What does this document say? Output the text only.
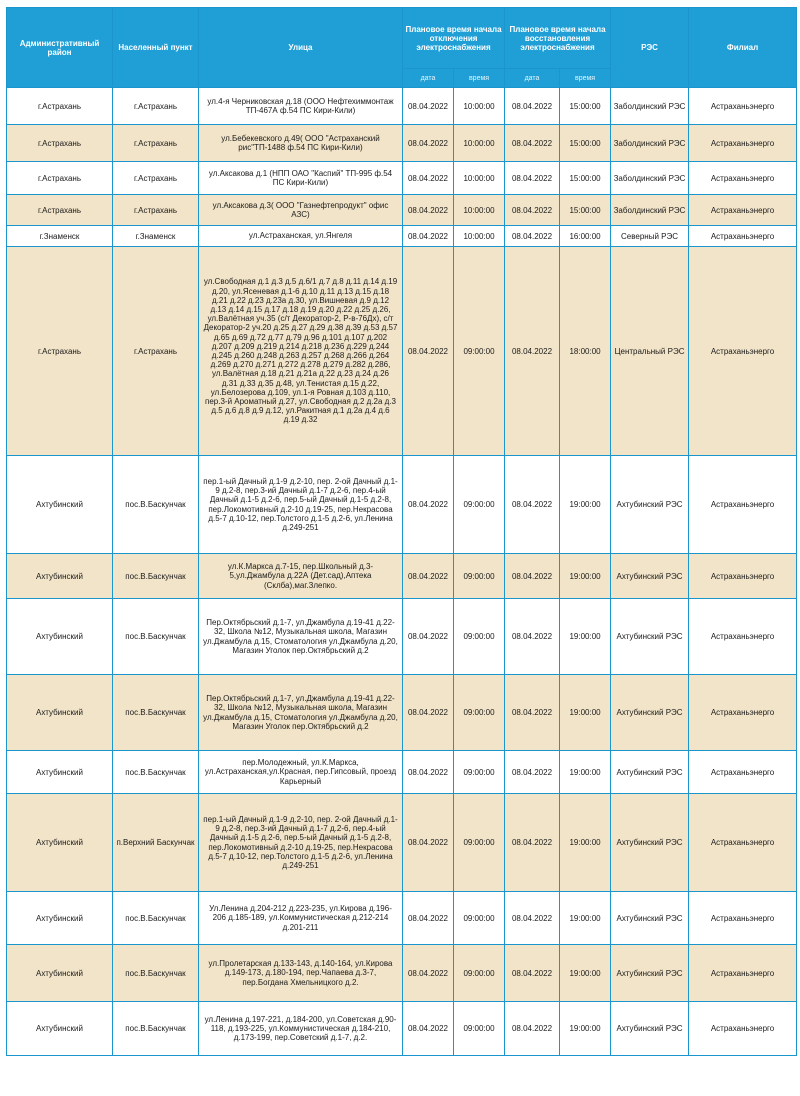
Административный район	Населенный пункт	Улица	Плановое время начала отключения электроснабжения		Плановое время начала восстановления электроснабжения		РЭС	Филиал
			дата	время	дата	время		
г.Астрахань	г.Астрахань	ул.4-я Черниковская д.18 (ООО Нефтехиммонтаж ТП-467А ф.54 ПС Кири-Кили)	08.04.2022	10:00:00	08.04.2022	15:00:00	Заболдинский РЭС	Астраханьэнерго
г.Астрахань	г.Астрахань	ул.Бебекевского д.49( ООО "Астраханский рис"ТП-1488 ф.54 ПС Кири-Кили)	08.04.2022	10:00:00	08.04.2022	15:00:00	Заболдинский РЭС	Астраханьэнерго
г.Астрахань	г.Астрахань	ул.Аксакова д.1 (НПП ОАО "Каспий" ТП-995 ф.54 ПС Кири-Кили)	08.04.2022	10:00:00	08.04.2022	15:00:00	Заболдинский РЭС	Астраханьэнерго
г.Астрахань	г.Астрахань	ул.Аксакова д.3( ООО "Газнефтепродукт" офис АЗС)	08.04.2022	10:00:00	08.04.2022	15:00:00	Заболдинский РЭС	Астраханьэнерго
г.Знаменск	г.Знаменск	ул.Астраханская, ул.Янгеля	08.04.2022	10:00:00	08.04.2022	16:00:00	Северный РЭС	Астраханьэнерго
г.Астрахань	г.Астрахань	ул.Свободная д.1 д.3 д.5 д.6/1 д.7 д.8 д.11 д.14 д.19 д.20, ул.Ясеневая д.1-6 д.10 д.11 д.13 д.15 д.18 д.21 д.22 д.23 д.23а д.30, ул.Вишневая д.9 д.12 д.13 д.14 д.15 д.17 д.18 д.19 д.20 д.22 д.25 д.26, ул.Валётная уч.35 (с/т Декоратор-2, Р-в-76Дх), с/т Декоратор-2 уч.20 д.25 д.27 д.29 д.38 д.39 д.53 д.57 д.65 д.69 д.72 д.77 д.79 д.96 д.101 д.107 д.202 д.207 д.209 д.219 д.214 д.218 д.236 д.229 д.244 д.245 д.260 д.248 д.263 д.257 д.268 д.266 д.264 д.269 д.270 д.271 д.272 д.278 д.279 д.282 д.286, ул.Валётная д.18 д.21 д.21а д.22 д.23 д.24 д.26 д.31 д.33 д.35 д.48, ул.Тенистая д.15 д.22, ул.Белозерова д.109, ул.1-я Ровная д.103 д.110, пер.3-й Ароматный д.27, ул.Свободная д.2 д.2а д.3 д.5 д.6 д.8 д.9 д.12, ул.Ракитная д.1 д.2а д.4 д.6 д.19 д.32	08.04.2022	09:00:00	08.04.2022	18:00:00	Центральный РЭС	Астраханьэнерго
Ахтубинский	пос.В.Баскунчак	пер.1-ый Дачный д.1-9 д.2-10, пер. 2-ой Дачный д.1-9 д.2-8, пер.3-ий Дачный д.1-7 д.2-6, пер.4-ый Дачный д.1-5 д.2-6, пер.5-ый Дачный д.1-5 д.2-8, пер.Локомотивный д.2-10 д.19-25, пер.Некрасова д.5-7 д.10-12, пер.Толстого д.1-5 д.2-6, ул.Ленина д.249-251	08.04.2022	09:00:00	08.04.2022	19:00:00	Ахтубинский РЭС	Астраханьэнерго
Ахтубинский	пос.В.Баскунчак	ул.К.Маркса д.7-15, пер.Школьный д.3-5,ул.Джамбула д.22А (Дет.сад),Аптека (Склба),маг.Злепко.	08.04.2022	09:00:00	08.04.2022	19:00:00	Ахтубинский РЭС	Астраханьэнерго
Ахтубинский	пос.В.Баскунчак	Пер.Октябрьский д.1-7, ул.Джамбула д.19-41 д.22-32, Школа №12, Музыкальная школа, Магазин ул.Джамбула д.15, Стоматология ул.Джамбула д.20, Магазин Уголок пер.Октябрьский д.2	08.04.2022	09:00:00	08.04.2022	19:00:00	Ахтубинский РЭС	Астраханьэнерго
Ахтубинский	пос.В.Баскунчак	Пер.Октябрьский д.1-7, ул.Джамбула д.19-41 д.22-32, Школа №12, Музыкальная школа, Магазин ул.Джамбула д.15, Стоматология ул.Джамбула д.20, Магазин Уголок пер.Октябрьский д.2	08.04.2022	09:00:00	08.04.2022	19:00:00	Ахтубинский РЭС	Астраханьэнерго
Ахтубинский	пос.В.Баскунчак	пер.Молодежный, ул.К.Маркса, ул.Астраханская,ул.Красная, пер.Гипсовый, проезд Карьерный	08.04.2022	09:00:00	08.04.2022	19:00:00	Ахтубинский РЭС	Астраханьэнерго
Ахтубинский	п.Верхний Баскунчак	пер.1-ый Дачный д.1-9 д.2-10, пер. 2-ой Дачный д.1-9 д.2-8, пер.3-ий Дачный д.1-7 д.2-6, пер.4-ый Дачный д.1-5 д.2-6, пер.5-ый Дачный д.1-5 д.2-8, пер.Локомотивный д.2-10 д.19-25, пер.Некрасова д.5-7 д.10-12, пер.Толстого д.1-5 д.2-6, ул.Ленина д.249-251	08.04.2022	09:00:00	08.04.2022	19:00:00	Ахтубинский РЭС	Астраханьэнерго
Ахтубинский	пос.В.Баскунчак	Ул.Ленина д.204-212 д.223-235, ул.Кирова д.196-206 д.185-189, ул.Коммунистическая д.212-214 д.201-211	08.04.2022	09:00:00	08.04.2022	19:00:00	Ахтубинский РЭС	Астраханьэнерго
Ахтубинский	пос.В.Баскунчак	ул.Пролетарская д.133-143, д.140-164, ул.Кирова д.149-173, д.180-194, пер.Чапаева д.3-7, пер.Богдана Хмельницкого д.2.	08.04.2022	09:00:00	08.04.2022	19:00:00	Ахтубинский РЭС	Астраханьэнерго
Ахтубинский	пос.В.Баскунчак	ул.Ленина д.197-221, д.184-200, ул.Советская д.90-118, д.193-225, ул.Коммунистическая д.184-210, д.173-199, пер.Советский д.1-7, д.2.	08.04.2022	09:00:00	08.04.2022	19:00:00	Ахтубинский РЭС	Астраханьэнерго
